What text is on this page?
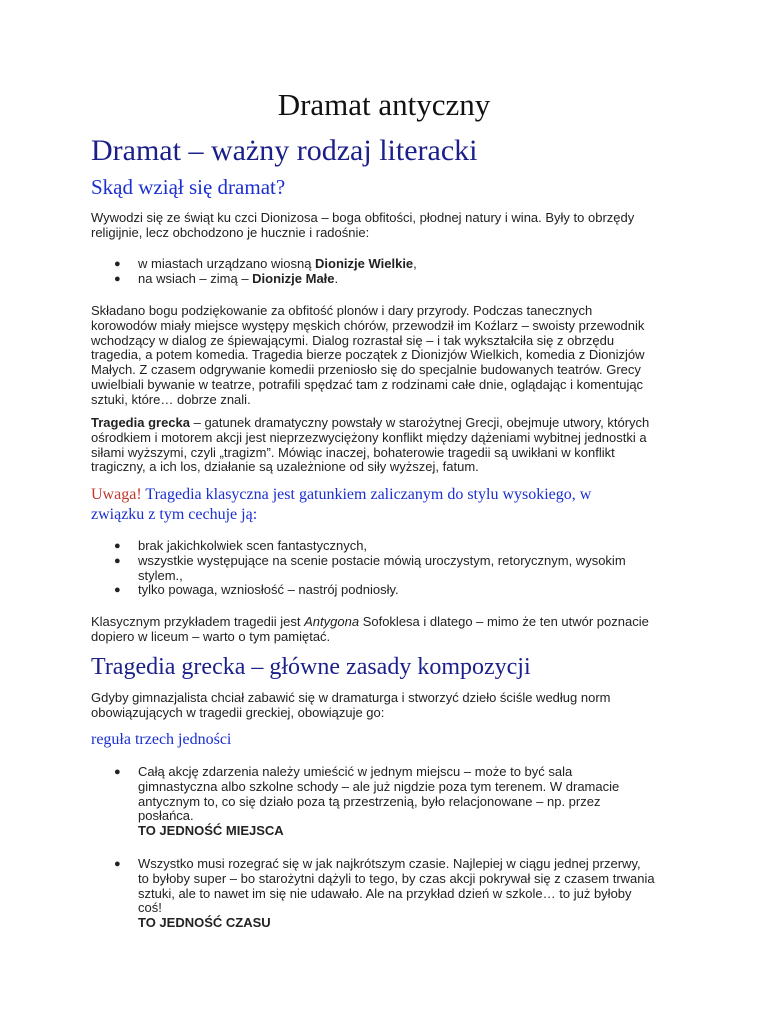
Dramat antyczny
Dramat – ważny rodzaj literacki
Skąd wziął się dramat?
Wywodzi się ze świąt ku czci Dionizosa – boga obfitości, płodnej natury i wina. Były to obrzędy
religijnie, lecz obchodzono je hucznie i radośnie:
● w miastach urządzano wiosną Dionizje Wielkie,
● na wsiach – zimą – Dionizje Małe.
Składano bogu podziękowanie za obfitość plonów i dary przyrody. Podczas tanecznych
korowodów miały miejsce występy męskich chórów, przewodził im Koźlarz – swoisty przewodnik
wchodzący w dialog ze śpiewającymi. Dialog rozrastał się – i tak wykształciła się z obrzędu
tragedia, a potem komedia. Tragedia bierze początek z Dionizjów Wielkich, komedia z Dionizjów
Małych. Z czasem odgrywanie komedii przeniosło się do specjalnie budowanych teatrów. Grecy
uwielbiali bywanie w teatrze, potrafili spędzać tam z rodzinami całe dnie, oglądając i komentując
sztuki, które… dobrze znali.
Tragedia grecka – gatunek dramatyczny powstały w starożytnej Grecji, obejmuje utwory, których
ośrodkiem i motorem akcji jest nieprzezwyciężony konflikt między dążeniami wybitnej jednostki a
siłami wyższymi, czyli „tragizm”. Mówiąc inaczej, bohaterowie tragedii są uwikłani w konflikt
tragiczny, a ich los, działanie są uzależnione od siły wyższej, fatum.
Uwaga! Tragedia klasyczna jest gatunkiem zaliczanym do stylu wysokiego, w
związku z tym cechuje ją:
● brak jakichkolwiek scen fantastycznych,
● wszystkie występujące na scenie postacie mówią uroczystym, retorycznym, wysokim
stylem.,
● tylko powaga, wzniosłość – nastrój podniosły.
Klasycznym przykładem tragedii jest Antygona Sofoklesa i dlatego – mimo że ten utwór poznacie
dopiero w liceum – warto o tym pamiętać.
Tragedia grecka – główne zasady kompozycji
Gdyby gimnazjalista chciał zabawić się w dramaturga i stworzyć dzieło ściśle według norm
obowiązujących w tragedii greckiej, obowiązuje go:
reguła trzech jedności
● Całą akcję zdarzenia należy umieścić w jednym miejscu – może to być sala
gimnastyczna albo szkolne schody – ale już nigdzie poza tym terenem. W dramacie
antycznym to, co się działo poza tą przestrzenią, było relacjonowane – np. przez
posłańca.
TO JEDNOŚĆ MIEJSCA
● Wszystko musi rozegrać się w jak najkrótszym czasie. Najlepiej w ciągu jednej przerwy,
to byłoby super – bo starożytni dążyli to tego, by czas akcji pokrywał się z czasem trwania
sztuki, ale to nawet im się nie udawało. Ale na przykład dzień w szkole… to już byłoby
coś!
TO JEDNOŚĆ CZASU
